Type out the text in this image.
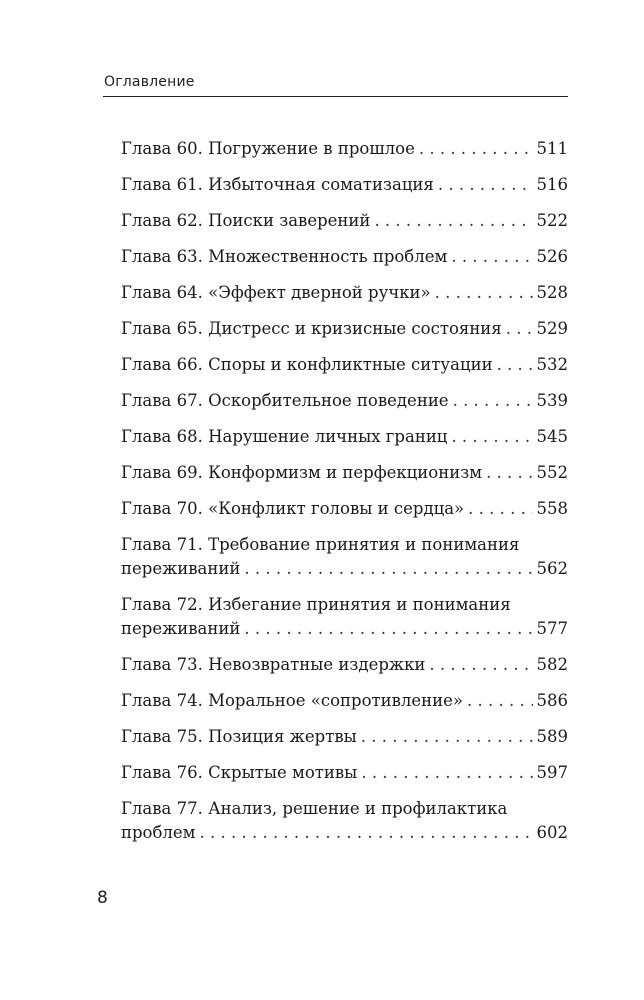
Оглавление
Глава 60. Погружение в прошлое . . .	511
Глава 61. Избыточная соматизация . . .	516
Глава 62. Поиски заверений . . .	522
Глава 63. Множественность проблем . . .	526
Глава 64. «Эффект дверной ручки» . . .	528
Глава 65. Дистресс и кризисные состояния . . . 529
Глава 66. Споры и конфликтные ситуации . . .	532
Глава 67. Оскорбительное поведение . . .	539
Глава 68. Нарушение личных границ . . .	545
Глава 69. Конформизм и перфекционизм . . .	552
Глава 70. «Конфликт головы и сердца» . . .	558
Глава 71. Требование принятия и понимания
переживаний . . .	562
Глава 72. Избегание принятия и понимания
переживаний . . .	577
Глава 73. Невозвратные издержки . . .	582
Глава 74. Моральное «сопротивление» . . .	586
Глава 75. Позиция жертвы . . .	589
Глава 76. Скрытые мотивы . . .	597
Глава 77. Анализ, решение и профилактика
проблем . . .	602
8
